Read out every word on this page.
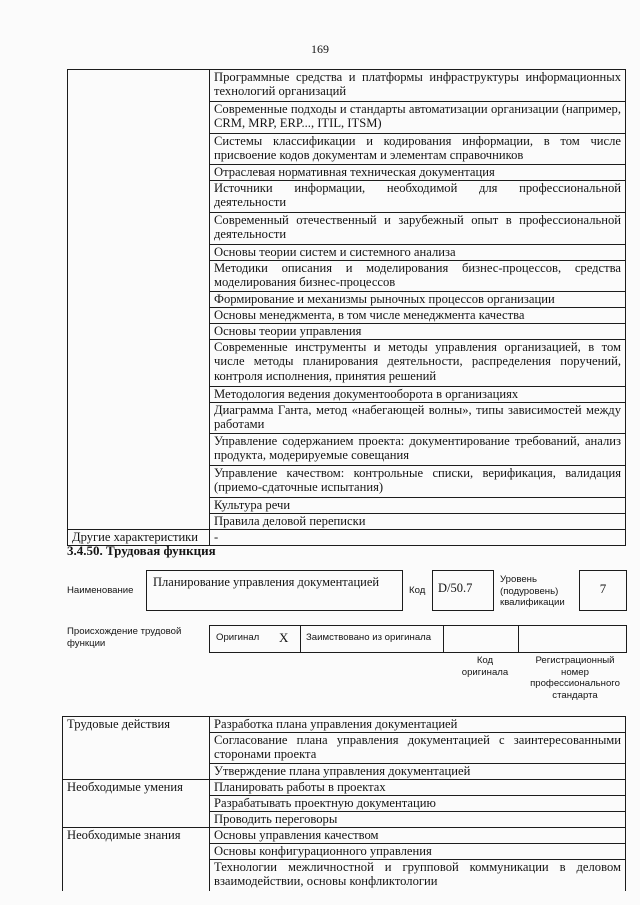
169
	Программные средства и платформы инфраструктуры информационных технологий организаций
	Современные подходы и стандарты автоматизации организации (например, CRM, MRP, ERP..., ITIL, ITSM)
	Системы классификации и кодирования информации, в том числе присвоение кодов документам и элементам справочников
	Отраслевая нормативная техническая документация
	Источники информации, необходимой для профессиональной деятельности
	Современный отечественный и зарубежный опыт в профессиональной деятельности
	Основы теории систем и системного анализа
	Методики описания и моделирования бизнес-процессов, средства моделирования бизнес-процессов
	Формирование и механизмы рыночных процессов организации
	Основы менеджмента, в том числе менеджмента качества
	Основы теории управления
	Современные инструменты и методы управления организацией, в том числе методы планирования деятельности, распределения поручений, контроля исполнения, принятия решений
	Методология ведения документооборота в организациях
	Диаграмма Ганта, метод «набегающей волны», типы зависимостей между работами
	Управление содержанием проекта: документирование требований, анализ продукта, модерируемые совещания
	Управление качеством: контрольные списки, верификация, валидация (приемо-сдаточные испытания)
	Культура речи
	Правила деловой переписки
Другие характеристики	-
3.4.50. Трудовая функция
Наименование
Планирование управления документацией
Код	D/50.7
Уровень
(подуровень)
квалификации
7
Происхождение трудовой
функции	Оригинал X Заимствовано из оригинала
Код
оригинала
Регистрационный
номер
профессионального
стандарта
Трудовые действия	Разработка плана управления документацией
	Согласование плана управления документацией с заинтересованными сторонами проекта
	Утверждение плана управления документацией
Необходимые умения	Планировать работы в проектах
	Разрабатывать проектную документацию
	Проводить переговоры
Необходимые знания	Основы управления качеством
	Основы конфигурационного управления
	Технологии межличностной и групповой коммуникации в деловом взаимодействии, основы конфликтологии
